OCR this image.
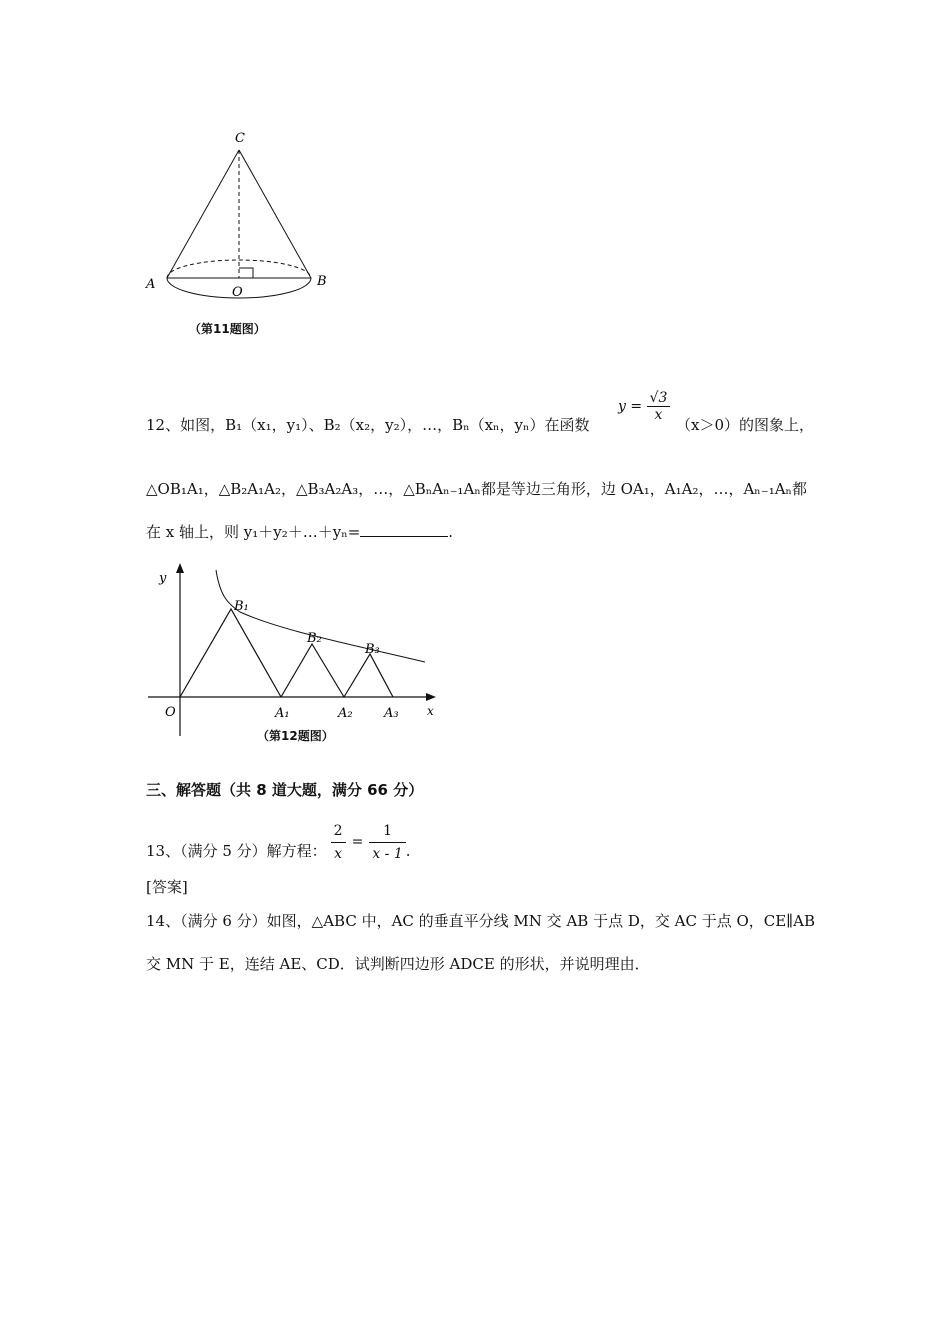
C
A	B
O
（第11题图）
12、如图，B₁（x₁，y₁）、B₂（x₂，y₂），…，Bₙ（xₙ，yₙ）在函数
$y = \frac{√3}{x}$
（x＞0）的图象上，
△OB₁A₁，△B₂A₁A₂，△B₃A₂A₃，…，△BₙAₙ₋₁Aₙ都是等边三角形，边 OA₁，A₁A₂，…，Aₙ₋₁Aₙ都
在 x 轴上，则 y₁＋y₂＋…＋yₙ=	.
y
x
O	A₁	A₂ A₃
B₁
B₂
B₃
（第12题图）
三、解答题（共 8 道大题，满分 66 分）
13、（满分 5 分）解方程： $\frac{2}{x} = \frac{1}{x - 1}$ .
[答案]
14、（满分 6 分）如图，△ABC 中，AC 的垂直平分线 MN 交 AB 于点 D，交 AC 于点 O，CE∥AB
交 MN 于 E，连结 AE、CD．试判断四边形 ADCE 的形状，并说明理由．
